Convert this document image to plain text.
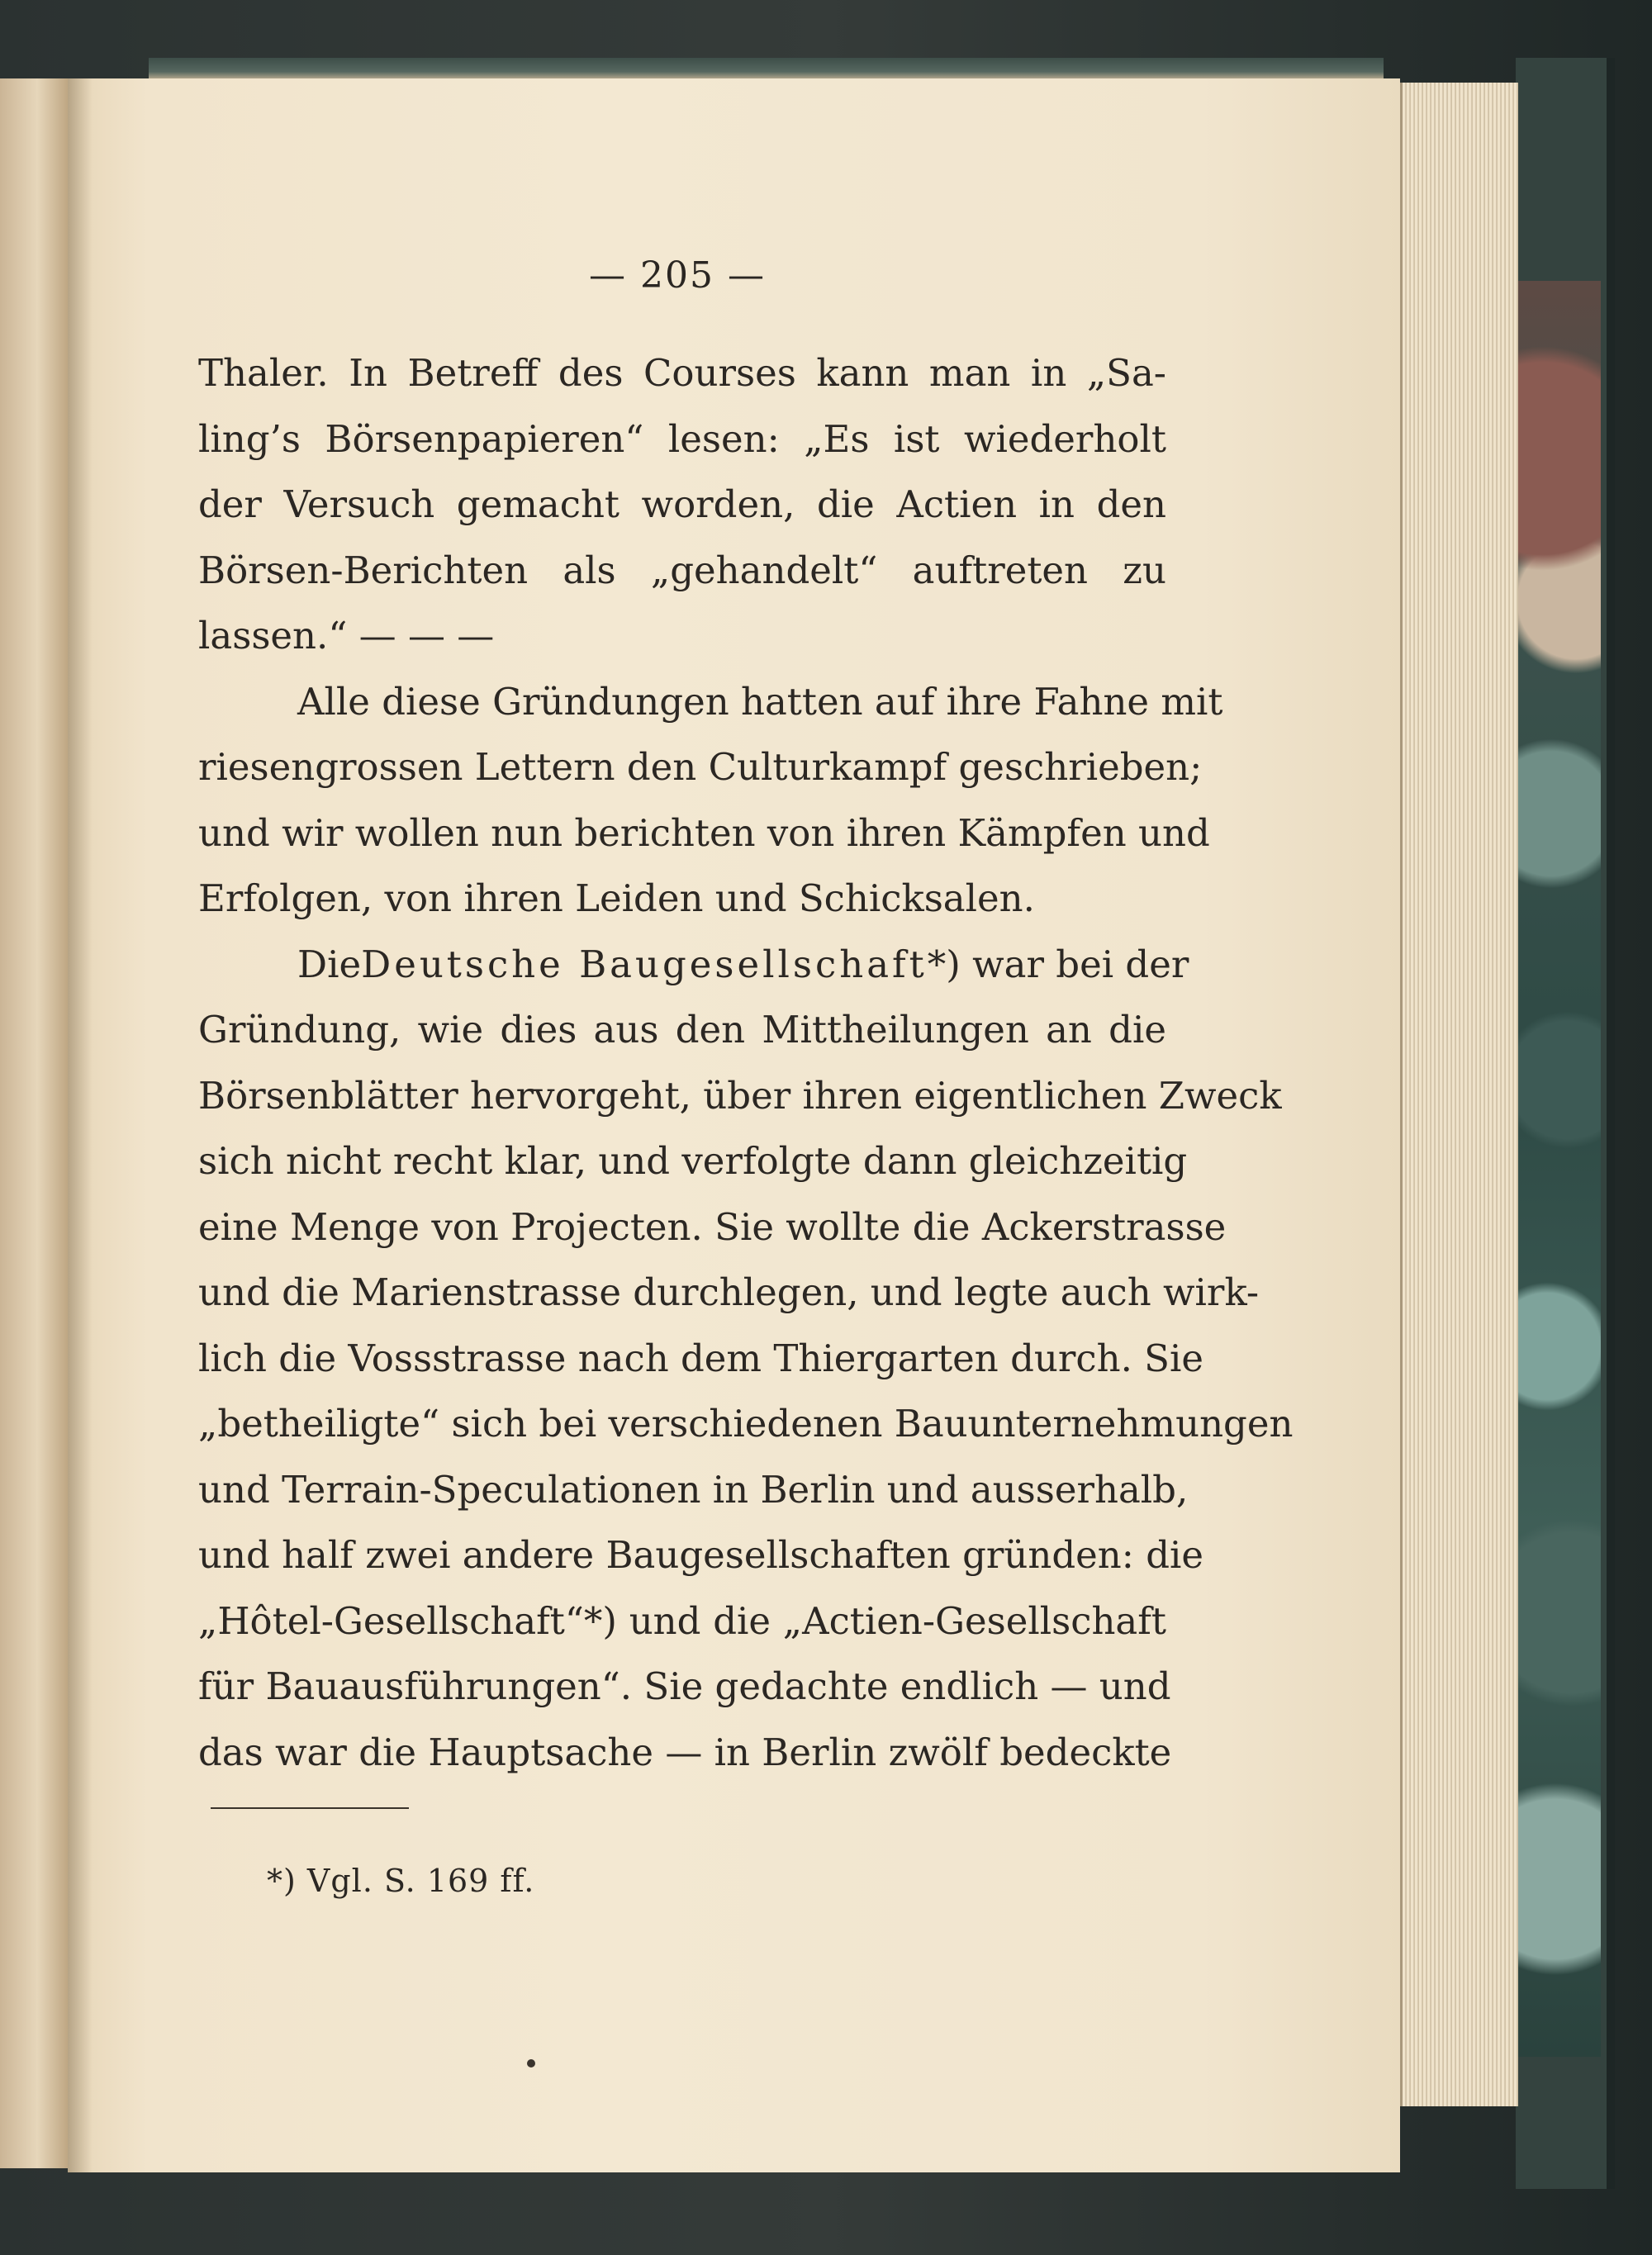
— 205 —
Thaler. In Betreff des Courses kann man in „Sa-
ling’s Börsenpapieren“ lesen: „Es ist wiederholt
der Versuch gemacht worden, die Actien in den
Börsen-Berichten als „gehandelt“ auftreten zu
lassen.“ — — —
Alle diese Gründungen hatten auf ihre Fahne mit
riesengrossen Lettern den Culturkampf geschrieben;
und wir wollen nun berichten von ihren Kämpfen und
Erfolgen, von ihren Leiden und Schicksalen.
Die Deutsche Baugesellschaft *) war bei der
Gründung, wie dies aus den Mittheilungen an die
Börsenblätter hervorgeht, über ihren eigentlichen Zweck
sich nicht recht klar, und verfolgte dann gleichzeitig
eine Menge von Projecten. Sie wollte die Ackerstrasse
und die Marienstrasse durchlegen, und legte auch wirk-
lich die Vossstrasse nach dem Thiergarten durch. Sie
„betheiligte“ sich bei verschiedenen Bauunternehmungen
und Terrain-Speculationen in Berlin und ausserhalb,
und half zwei andere Baugesellschaften gründen: die
„Hôtel-Gesellschaft“*) und die „Actien-Gesellschaft
für Bauausführungen“. Sie gedachte endlich — und
das war die Hauptsache — in Berlin zwölf bedeckte
*) Vgl. S. 169 ff.
